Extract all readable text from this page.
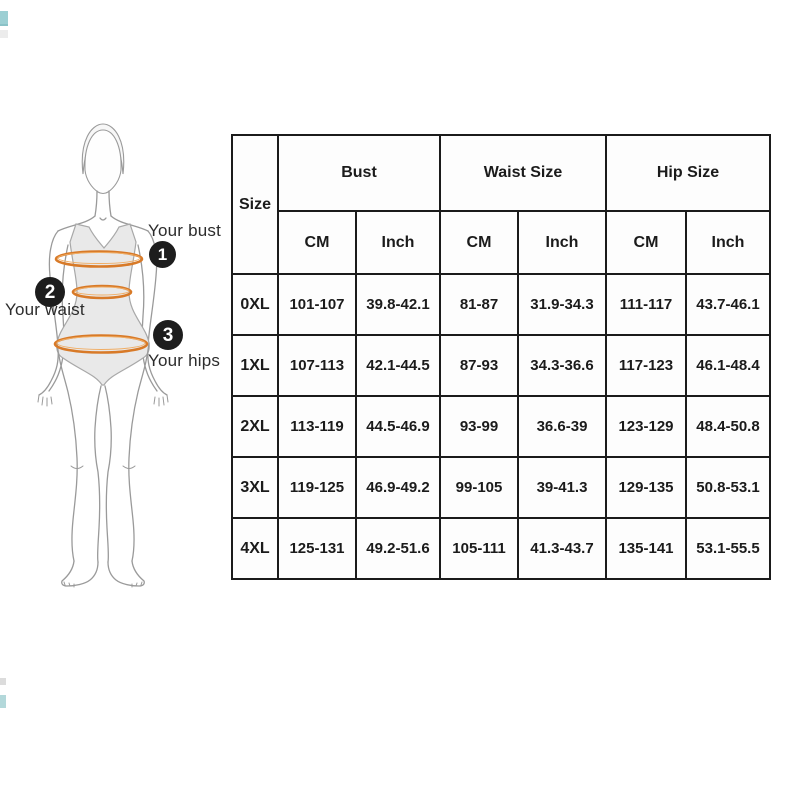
1
2
3
Your bust
Your waist
Your hips
Size	Bust		Waist Size		Hip Size	
	CM	Inch	CM	Inch	CM	Inch
0XL	101-107	39.8-42.1	81-87	31.9-34.3	111-117	43.7-46.1
1XL	107-113	42.1-44.5	87-93	34.3-36.6	117-123	46.1-48.4
2XL	113-119	44.5-46.9	93-99	36.6-39	123-129	48.4-50.8
3XL	119-125	46.9-49.2	99-105	39-41.3	129-135	50.8-53.1
4XL	125-131	49.2-51.6	105-111	41.3-43.7	135-141	53.1-55.5
